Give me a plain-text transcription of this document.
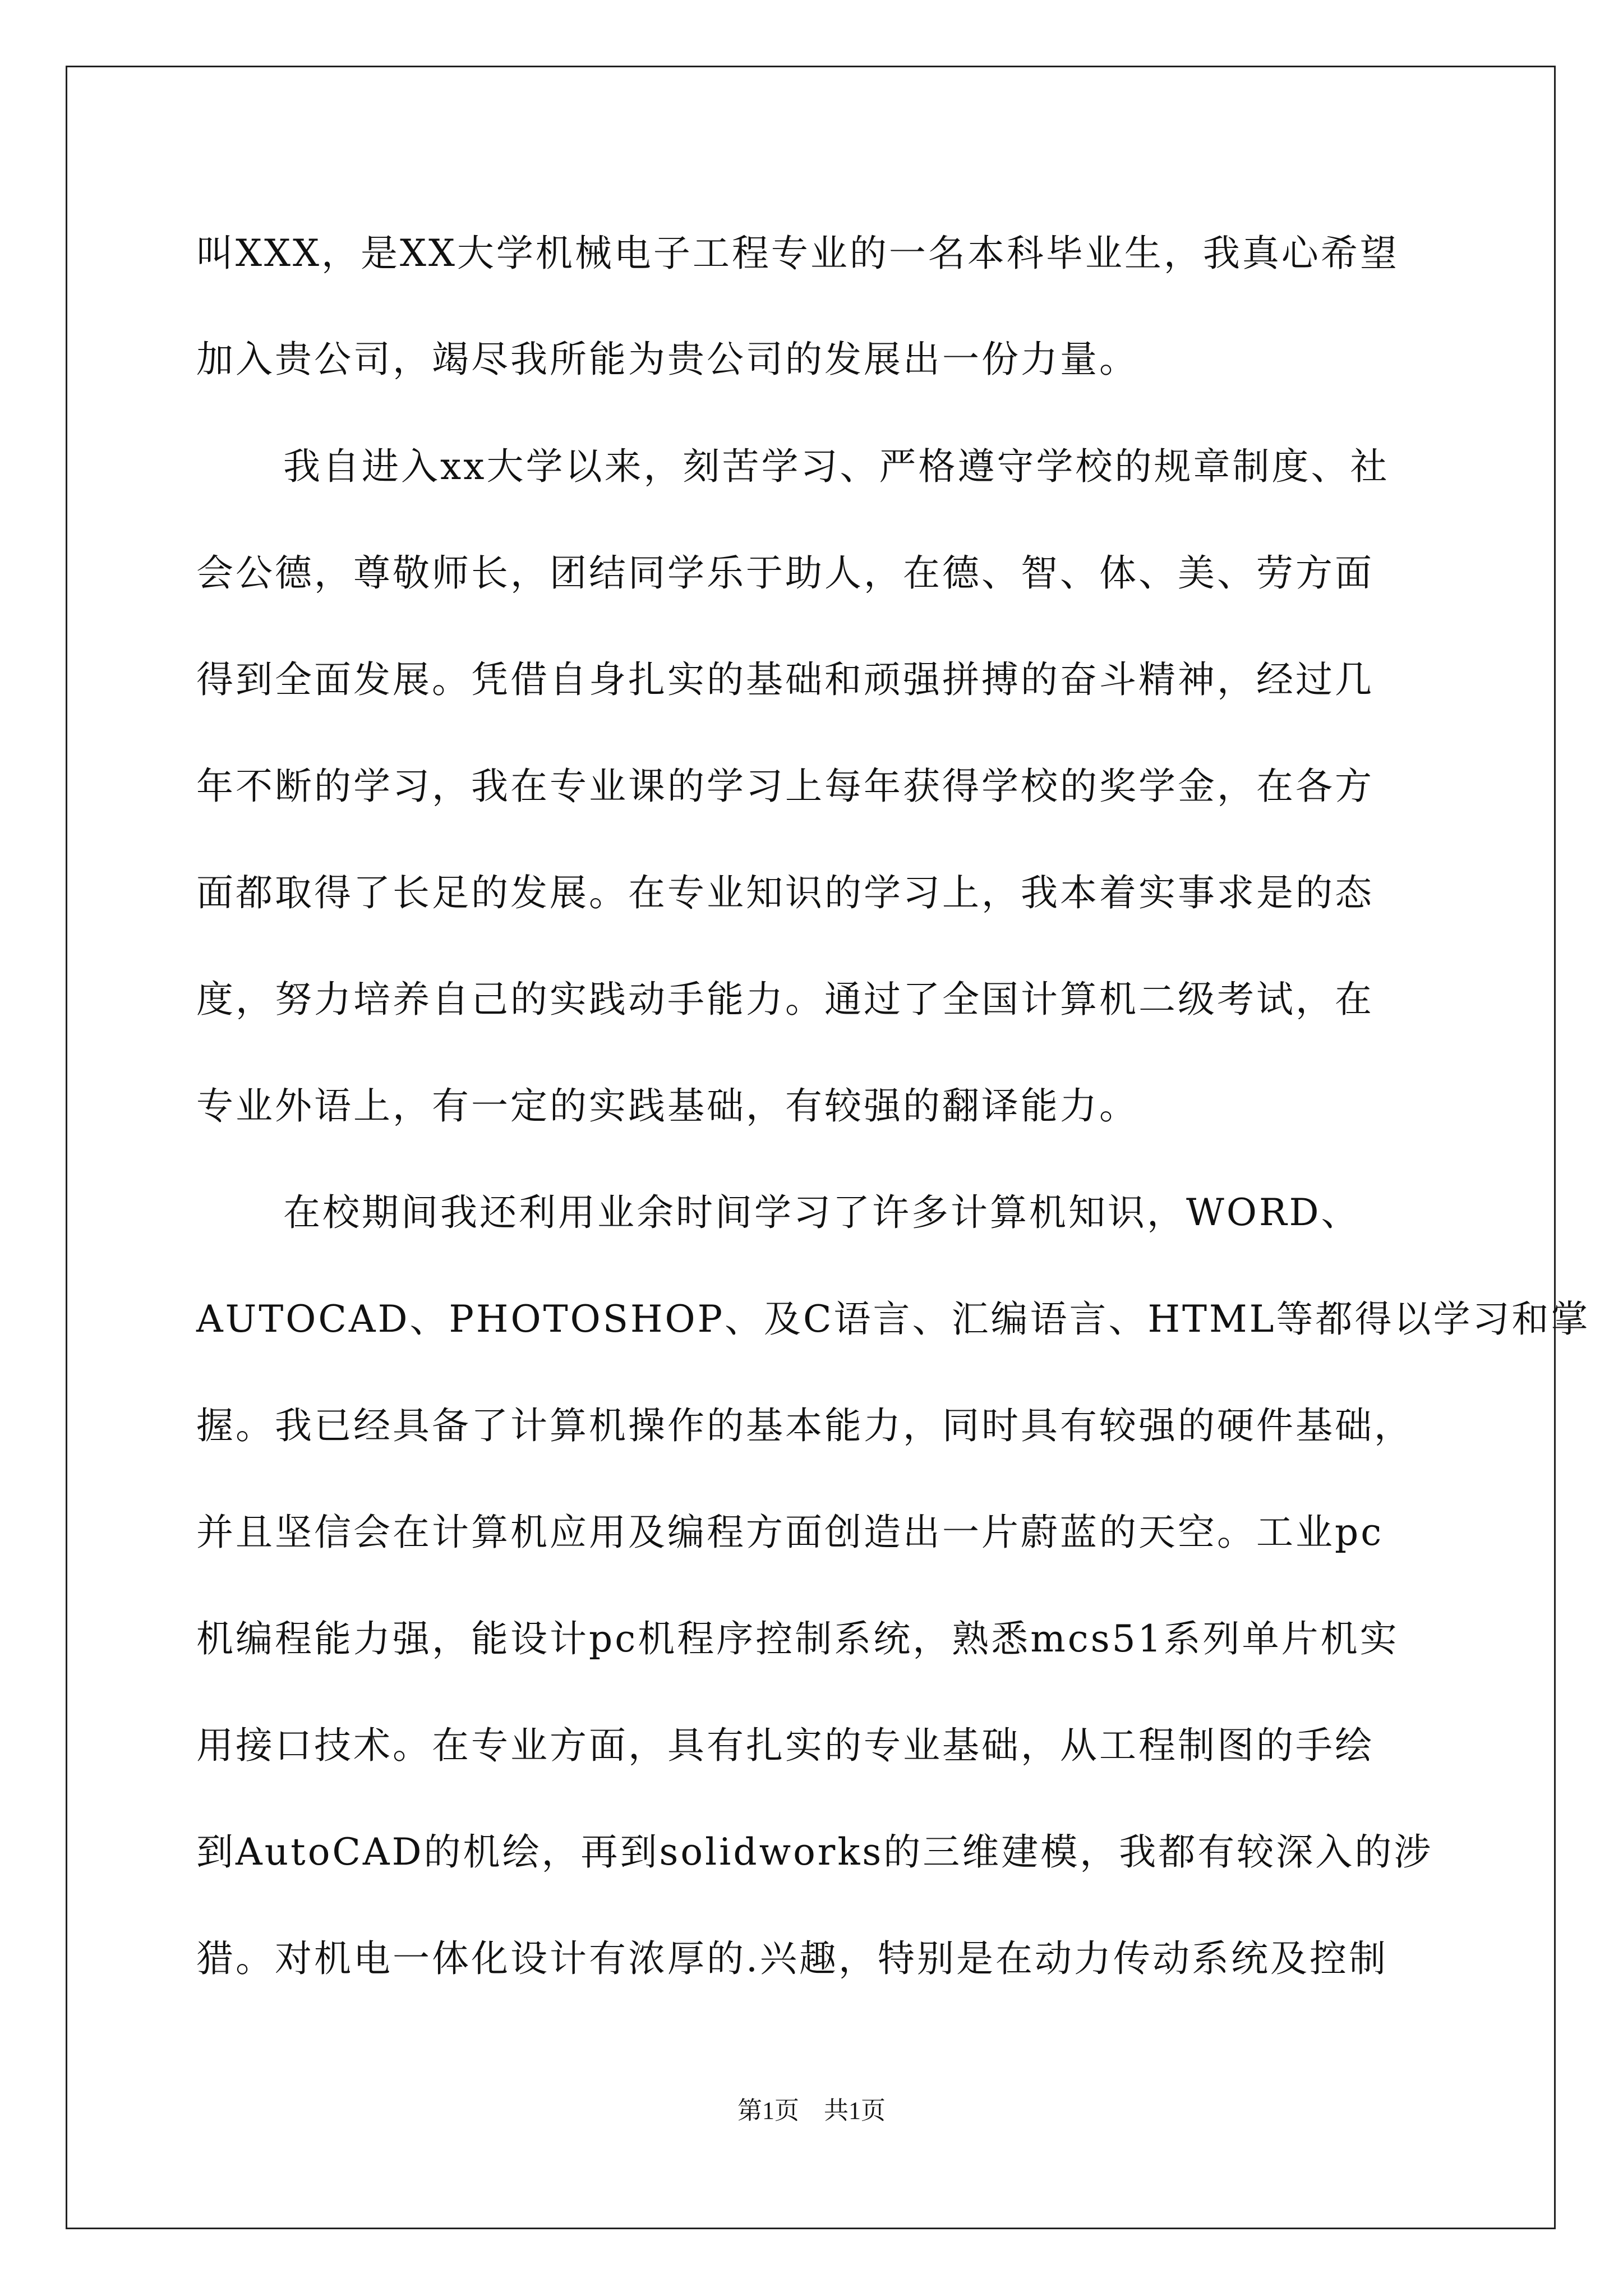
叫XXX，是XX大学机械电子工程专业的一名本科毕业生，我真心希望
加入贵公司，竭尽我所能为贵公司的发展出一份力量。
我自进入xx大学以来，刻苦学习、严格遵守学校的规章制度、社
会公德，尊敬师长，团结同学乐于助人，在德、智、体、美、劳方面
得到全面发展。凭借自身扎实的基础和顽强拼搏的奋斗精神，经过几
年不断的学习，我在专业课的学习上每年获得学校的奖学金，在各方
面都取得了长足的发展。在专业知识的学习上，我本着实事求是的态
度，努力培养自己的实践动手能力。通过了全国计算机二级考试，在
专业外语上，有一定的实践基础，有较强的翻译能力。
在校期间我还利用业余时间学习了许多计算机知识，WORD、
AUTOCAD、PHOTOSHOP、及C语言、汇编语言、HTML等都得以学习和掌
握。我已经具备了计算机操作的基本能力，同时具有较强的硬件基础，
并且坚信会在计算机应用及编程方面创造出一片蔚蓝的天空。工业pc
机编程能力强，能设计pc机程序控制系统，熟悉mcs51系列单片机实
用接口技术。在专业方面，具有扎实的专业基础，从工程制图的手绘
到AutoCAD的机绘，再到solidworks的三维建模，我都有较深入的涉
猎。对机电一体化设计有浓厚的.兴趣，特别是在动力传动系统及控制
第1页　共1页
